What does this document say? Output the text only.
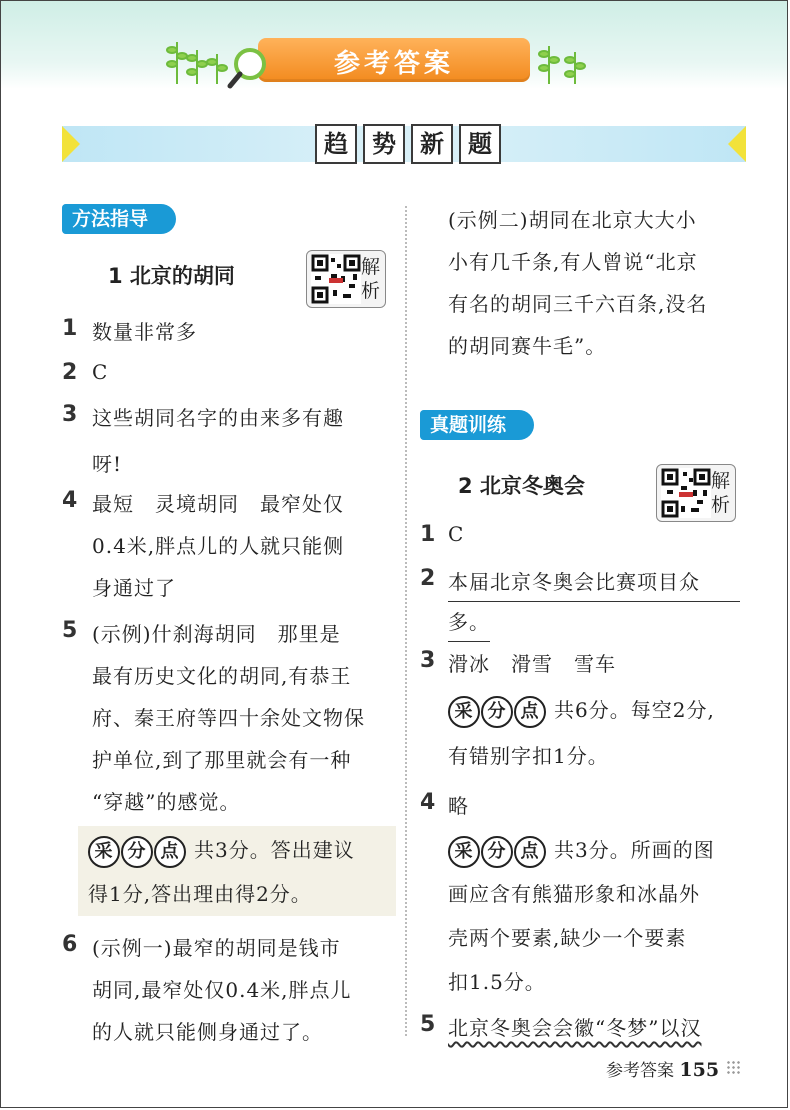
参考答案
趋	势	新	题
方法指导
1 北京的胡同	解
析
1 数量非常多
2 C
3 这些胡同名字的由来多有趣
呀!
4 最短　灵境胡同　最窄处仅
0.4米,胖点儿的人就只能侧
身通过了
5 (示例)什刹海胡同　那里是
最有历史文化的胡同,有恭王
府、秦王府等四十余处文物保
护单位,到了那里就会有一种
“穿越”的感觉。
采 分 点 共3分。答出建议
得1分,答出理由得2分。
6 (示例一)最窄的胡同是钱市
胡同,最窄处仅0.4米,胖点儿
的人就只能侧身通过了。
(示例二)胡同在北京大大小
小有几千条,有人曾说“北京
有名的胡同三千六百条,没名
的胡同赛牛毛”。
真题训练
2 北京冬奥会	解
析
1 C
2 本届北京冬奥会比赛项目众
多。
3 滑冰　滑雪　雪车
采 分 点 共6分。每空2分,
有错别字扣1分。
4 略
采 分 点 共3分。所画的图
画应含有熊猫形象和冰晶外
壳两个要素,缺少一个要素
扣1.5分。
5 北京冬奥会会徽“冬梦”以汉
参考答案 155
